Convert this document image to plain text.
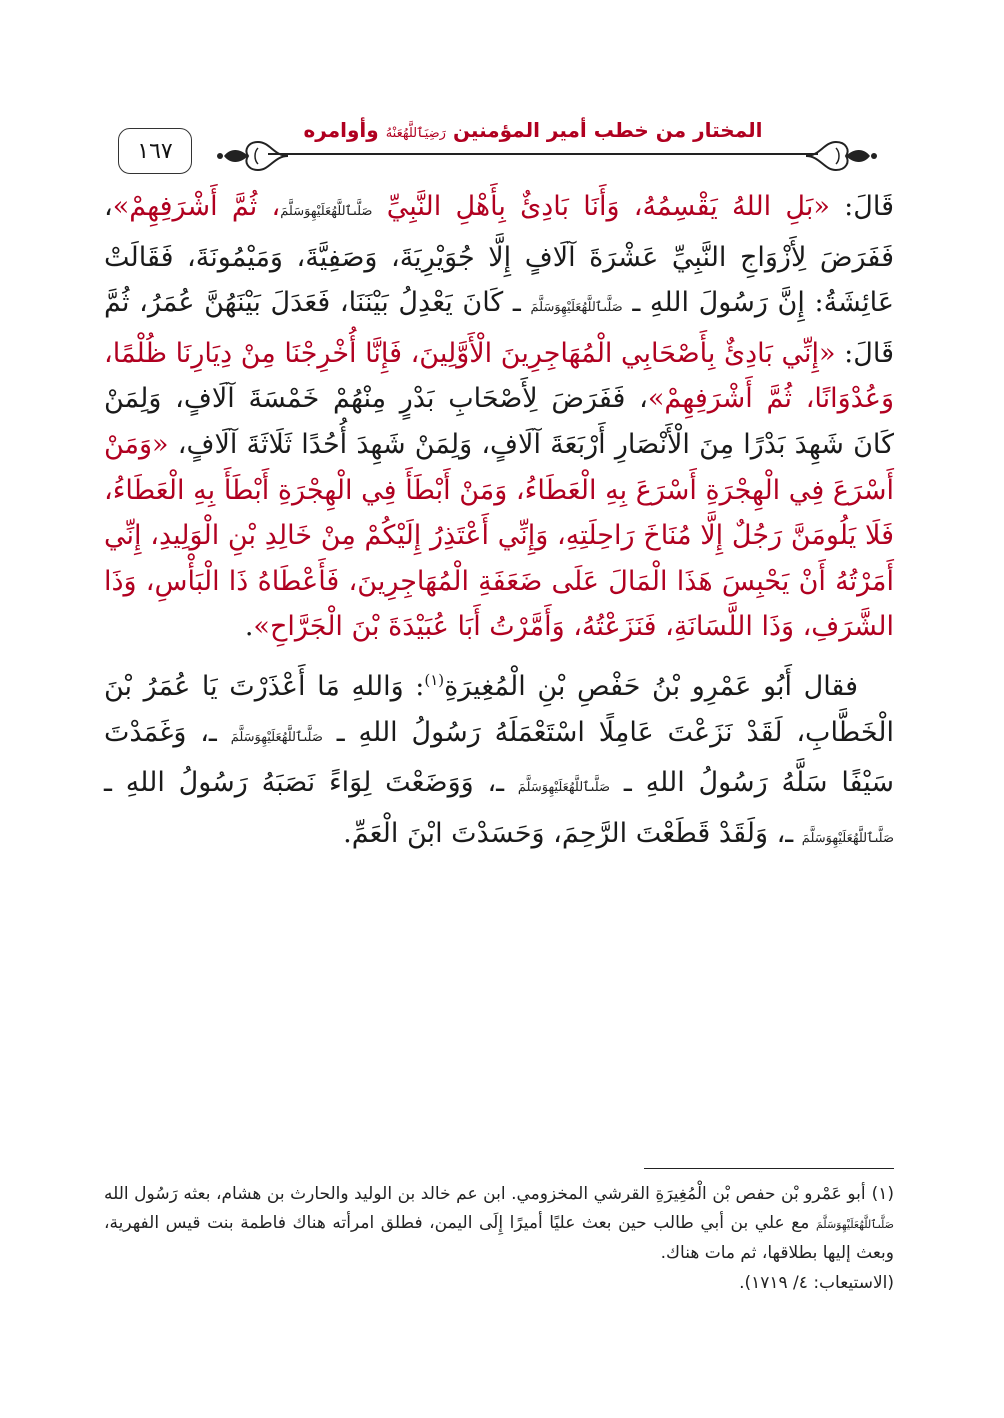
١٦٧
المختار من خطب أمير المؤمنين رَضِيَٱللَّهُعَنْهُ وأوامره

قَالَ: «بَلِ اللهُ يَقْسِمُهُ، وَأَنَا بَادِئٌ بِأَهْلِ النَّبِيِّ صَلَّىٱللَّهُعَلَيْهِوَسَلَّمَ، ثُمَّ أَشْرَفِهِمْ»، فَفَرَضَ لِأَزْوَاجِ النَّبِيِّ عَشْرَةَ آلَافٍ إِلَّا جُوَيْرِيَةَ، وَصَفِيَّةَ، وَمَيْمُونَةَ، فَقَالَتْ عَائِشَةُ: إِنَّ رَسُولَ اللهِ ـ صَلَّىٱللَّهُعَلَيْهِوَسَلَّمَ ـ كَانَ يَعْدِلُ بَيْنَنَا، فَعَدَلَ بَيْنَهُنَّ عُمَرُ، ثُمَّ قَالَ: «إِنِّي بَادِئٌ بِأَصْحَابِي الْمُهَاجِرِينَ الْأَوَّلِينَ، فَإِنَّا أُخْرِجْنَا مِنْ دِيَارِنَا ظُلْمًا، وَعُدْوَانًا، ثُمَّ أَشْرَفِهِمْ»، فَفَرَضَ لِأَصْحَابِ بَدْرٍ مِنْهُمْ خَمْسَةَ آلَافٍ، وَلِمَنْ كَانَ شَهِدَ بَدْرًا مِنَ الْأَنْصَارِ أَرْبَعَةَ آلَافٍ، وَلِمَنْ شَهِدَ أُحُدًا ثَلَاثَةَ آلَافٍ، «وَمَنْ أَسْرَعَ فِي الْهِجْرَةِ أَسْرَعَ بِهِ الْعَطَاءُ، وَمَنْ أَبْطَأَ فِي الْهِجْرَةِ أَبْطَأَ بِهِ الْعَطَاءُ، فَلَا يَلُومَنَّ رَجُلٌ إِلَّا مُنَاخَ رَاحِلَتِهِ، وَإِنِّي أَعْتَذِرُ إِلَيْكُمْ مِنْ خَالِدِ بْنِ الْوَلِيدِ، إِنِّي أَمَرْتُهُ أَنْ يَحْبِسَ هَذَا الْمَالَ عَلَى ضَعَفَةِ الْمُهَاجِرِينَ، فَأَعْطَاهُ ذَا الْبَأْسِ، وَذَا الشَّرَفِ، وَذَا اللَّسَانَةِ، فَنَزَعْتُهُ، وَأَمَّرْتُ أَبَا عُبَيْدَةَ بْنَ الْجَرَّاحِ».

فقال أَبُو عَمْرِو بْنُ حَفْصِ بْنِ الْمُغِيرَةِ$^{(١)}$: وَاللهِ مَا أَعْذَرْتَ يَا عُمَرُ بْنَ الْخَطَّابِ، لَقَدْ نَزَعْتَ عَامِلًا اسْتَعْمَلَهُ رَسُولُ اللهِ ـ صَلَّىٱللَّهُعَلَيْهِوَسَلَّمَ ـ، وَغَمَدْتَ سَيْفًا سَلَّهُ رَسُولُ اللهِ ـ صَلَّىٱللَّهُعَلَيْهِوَسَلَّمَ ـ، وَوَضَعْتَ لِوَاءً نَصَبَهُ رَسُولُ اللهِ ـ صَلَّىٱللَّهُعَلَيْهِوَسَلَّمَ ـ، وَلَقَدْ قَطَعْتَ الرَّحِمَ، وَحَسَدْتَ ابْنَ الْعَمِّ.

(١)أبو عَمْرو بْن حفص بْن الْمُغِيرَةِ القرشي المخزومي. ابن عم خالد بن الوليد والحارث بن هشام، بعثه رَسُول الله صَلَّىٱللَّهُعَلَيْهِوَسَلَّمَ مع علي بن أبي طالب حين بعث عليًا أميرًا إِلَى اليمن، فطلق امرأته هناك فاطمة بنت قيس الفهرية، وبعث إليها بطلاقها، ثم مات هناك.
(الاستيعاب: ٤/ ١٧١٩).
